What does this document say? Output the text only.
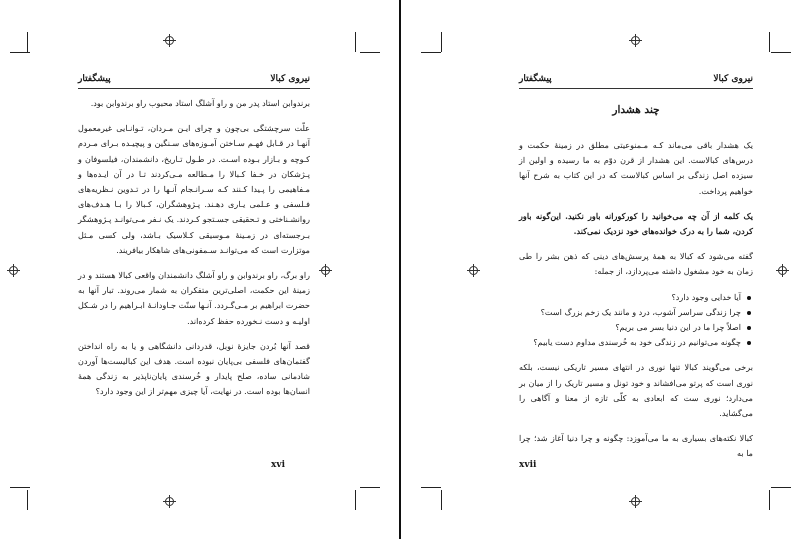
نیروی کبالا
پیشگفتار

برندوابن استاد پدر من و راو آشلگ استاد محبوب راو برندوابن بود.

علّت سرچشتگی بی‌چون و چرای ایـن مـردان، تـوانـایی غیرمعمول آنهـا در قـابل فهـم سـاختن آمـوزه‌های سـنگین و پیچیـده بـرای مـردم کـوچه و بـازار بـوده اسـت. در طـول تـاریخ، دانشمندان، فیلسوفان و پـژشکان در خـفا کـبالا را مـطالعه مـی‌کردند تـا در آن ایـده‌ها و مـفاهیمی را پـیدا کـنند کـه سـرانـجام آنـها را در تـدوین نـظریه‌های فـلسفی و عـلمی یـاری دهـند. پـژوهشگران، کـبالا را بـا هـدف‌های روانشـناختی و تـحقیقی جسـتجو کـردند. یک نـفر مـی‌توانـد پـژوهشگر بـرجسته‌ای در زمـینهٔ مـوسیقی کـلاسیک بـاشد، ولی کسی مـثل موتزارت است که می‌توانـد سـمفونی‌های شاهکار بیافریند.

راو برگ، راو برندوابن و راو آشلگ دانشمندان واقعی کبالا هستند و در زمینهٔ این حکمت، اصلی‌ترین متفکران به شمار می‌روند. تبار آنها به حضرت ابراهیم بر مـی‌گـردد. آنـها سنّت جـاودانـهٔ ابـراهیم را در شـکل اولیـه و دست‌ نـخورده حفظ کرده‌اند.

قصد آنها بُردن جایزهٔ نوبل، قدردانی دانشگاهی و یا به راه انداختن گفتمان‌های فلسفی بی‌پایان نبوده است. هدف این کبالیست‌ها آوردن شادمانی ساده، صلح پایدار و خُرسندی پایان‌ناپذیر به زندگی همهٔ انسان‌ها بوده است. در نهایت، آیا چیزی مهم‌تر از این وجود دارد؟

xvi
نیروی کبالا
پیشگفتار
چند هشدار

یک هشدار باقی می‌ماند کـه مـمنوعیتی مطلق در زمینهٔ حکمت و درس‌های کبالاست. این هشدار از قرن دوّم به ما رسیده و اولین از سیزده اصل زندگی بر اساس کبالاست که در این کتاب به شرح آنها خواهیم پرداخت.

یک کلمه از آن چه می‌خوانید را کورکورانه باور نکنید. این‌گونه باور کردن، شما را به درک خوانده‌های خود نزدیک نمی‌کند.

گفته می‌شود که کبالا به همهٔ پرسش‌های دینی که ذهن بشر را طی زمان به خود مشغول داشته می‌پردازد، از جمله:

آیا خدایی وجود دارد؟
چرا زندگی سراسر آشوب، درد و مانند یک زخم بزرگ است؟
اصلاً چرا ما در این دنیا بسر می بریم؟
چگونه می‌توانیم در زندگی خود به خُرسندی مداوم دست یابیم؟

برخی می‌گویند کبالا تنها نوری در انتهای مسیر تاریکی نیست، بلکه نوری است که پرتو می‌افشاند و خود تونل و مسیر تاریک را از میان بر می‌دارد؛ نوری ست که ابعادی به کلّی تازه از معنا و آگاهی را می‌گشاید.

کبالا نکته‌های بسیاری به ما می‌آموزد: چگونه و چرا دنیا آغاز شد؛ چرا ما به

xvii
